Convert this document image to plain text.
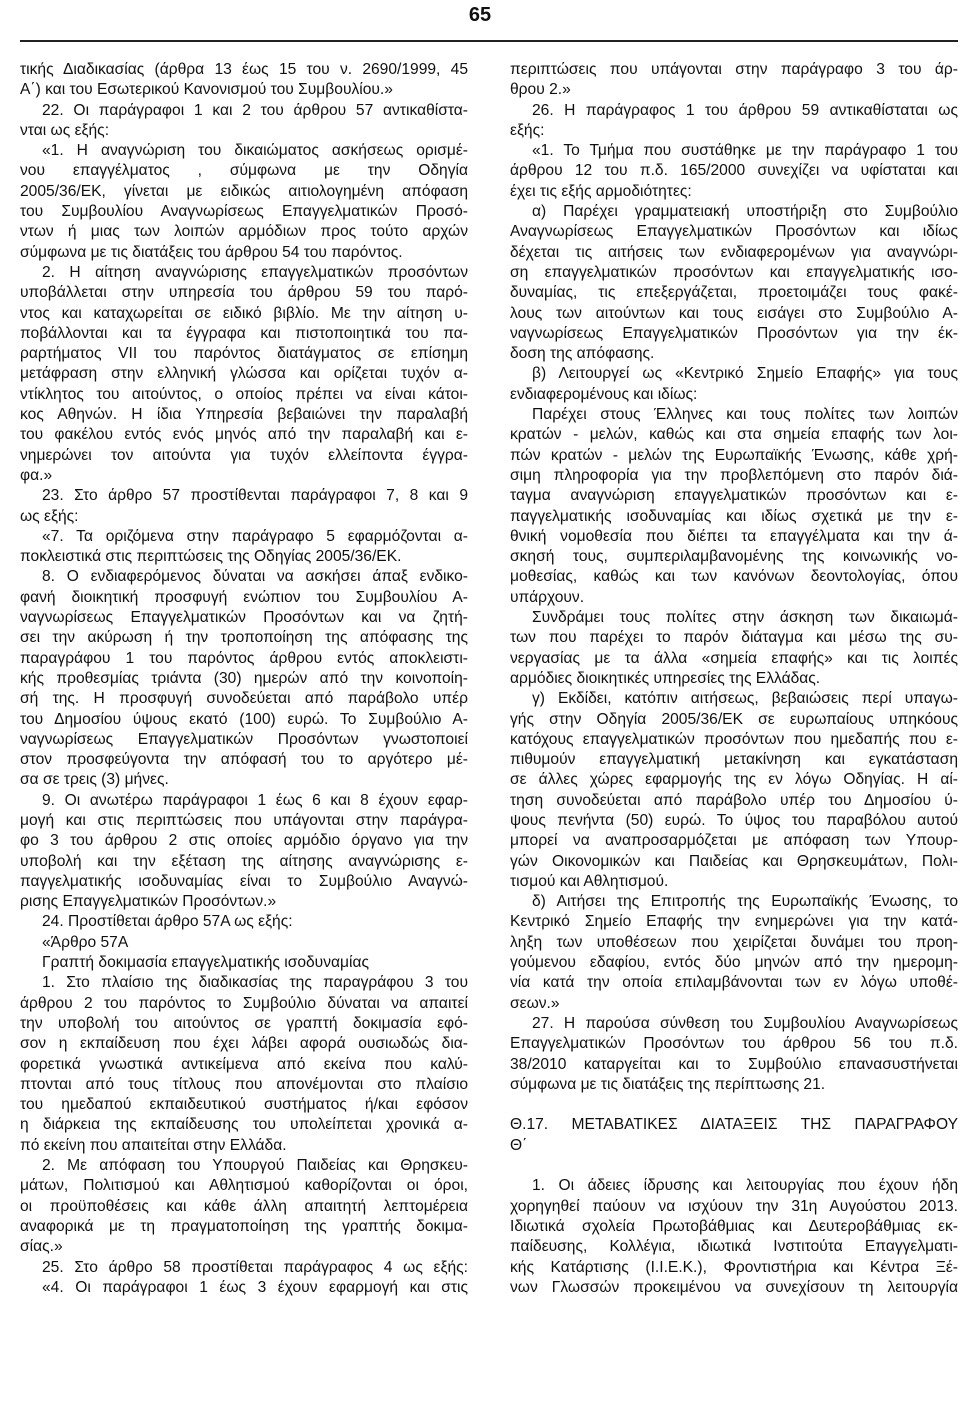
65
τικής Διαδικασίας (άρθρα 13 έως 15 του ν. 2690/1999, 45
Α΄) και του Εσωτερικού Κανονισμού του Συμβουλίου.»
22. Οι παράγραφοι 1 και 2 του άρθρου 57 αντικαθίστα-
νται ως εξής:
«1. Η αναγνώριση του δικαιώματος ασκήσεως ορισμέ-
νου επαγγέλματος , σύμφωνα με την Οδηγία
2005/36/ΕΚ, γίνεται με ειδικώς αιτιολογημένη απόφαση
του Συμβουλίου Αναγνωρίσεως Επαγγελματικών Προσό-
ντων ή μιας των λοιπών αρμόδιων προς τούτο αρχών
σύμφωνα με τις διατάξεις του άρθρου 54 του παρόντος.
2. Η αίτηση αναγνώρισης επαγγελματικών προσόντων
υποβάλλεται στην υπηρεσία του άρθρου 59 του παρό-
ντος και καταχωρείται σε ειδικό βιβλίο. Με την αίτηση υ-
ποβάλλονται και τα έγγραφα και πιστοποιητικά του πα-
ραρτήματος VII του παρόντος διατάγματος σε επίσημη
μετάφραση στην ελληνική γλώσσα και ορίζεται τυχόν α-
ντίκλητος του αιτούντος, ο οποίος πρέπει να είναι κάτοι-
κος Αθηνών. Η ίδια Υπηρεσία βεβαιώνει την παραλαβή
του φακέλου εντός ενός μηνός από την παραλαβή και ε-
νημερώνει τον αιτούντα για τυχόν ελλείποντα έγγρα-
φα.»
23. Στο άρθρο 57 προστίθενται παράγραφοι 7, 8 και 9
ως εξής:
«7. Τα οριζόμενα στην παράγραφο 5 εφαρμόζονται α-
ποκλειστικά στις περιπτώσεις της Οδηγίας 2005/36/ΕΚ.
8. Ο ενδιαφερόμενος δύναται να ασκήσει άπαξ ενδικο-
φανή διοικητική προσφυγή ενώπιον του Συμβουλίου Α-
ναγνωρίσεως Επαγγελματικών Προσόντων και να ζητή-
σει την ακύρωση ή την τροποποίηση της απόφασης της
παραγράφου 1 του παρόντος άρθρου εντός αποκλειστι-
κής προθεσμίας τριάντα (30) ημερών από την κοινοποίη-
σή της. Η προσφυγή συνοδεύεται από παράβολο υπέρ
του Δημοσίου ύψους εκατό (100) ευρώ. Το Συμβούλιο Α-
ναγνωρίσεως Επαγγελματικών Προσόντων γνωστοποιεί
στον προσφεύγοντα την απόφασή του το αργότερο μέ-
σα σε τρεις (3) μήνες.
9. Οι ανωτέρω παράγραφοι 1 έως 6 και 8 έχουν εφαρ-
μογή και στις περιπτώσεις που υπάγονται στην παράγρα-
φο 3 του άρθρου 2 στις οποίες αρμόδιο όργανο για την
υποβολή και την εξέταση της αίτησης αναγνώρισης ε-
παγγελματικής ισοδυναμίας είναι το Συμβούλιο Αναγνώ-
ρισης Επαγγελματικών Προσόντων.»
24. Προστίθεται άρθρο 57Α ως εξής:
«Άρθρο 57Α
Γραπτή δοκιμασία επαγγελματικής ισοδυναμίας
1. Στο πλαίσιο της διαδικασίας της παραγράφου 3 του
άρθρου 2 του παρόντος το Συμβούλιο δύναται να απαιτεί
την υποβολή του αιτούντος σε γραπτή δοκιμασία εφό-
σον η εκπαίδευση που έχει λάβει αφορά ουσιωδώς δια-
φορετικά γνωστικά αντικείμενα από εκείνα που καλύ-
πτονται από τους τίτλους που απονέμονται στο πλαίσιο
του ημεδαπού εκπαιδευτικού συστήματος ή/και εφόσον
η διάρκεια της εκπαίδευσης του υπολείπεται χρονικά α-
πό εκείνη που απαιτείται στην Ελλάδα.
2. Με απόφαση του Υπουργού Παιδείας και Θρησκευ-
μάτων, Πολιτισμού και Αθλητισμού καθορίζονται οι όροι,
οι προϋποθέσεις και κάθε άλλη απαιτητή λεπτομέρεια
αναφορικά με τη πραγματοποίηση της γραπτής δοκιμα-
σίας.»
25. Στο άρθρο 58 προστίθεται παράγραφος 4 ως εξής:
«4. Οι παράγραφοι 1 έως 3 έχουν εφαρμογή και στις
περιπτώσεις που υπάγονται στην παράγραφο 3 του άρ-
θρου 2.»
26. Η παράγραφος 1 του άρθρου 59 αντικαθίσταται ως
εξής:
«1. Το Τμήμα που συστάθηκε με την παράγραφο 1 του
άρθρου 12 του π.δ. 165/2000 συνεχίζει να υφίσταται και
έχει τις εξής αρμοδιότητες:
α) Παρέχει γραμματειακή υποστήριξη στο Συμβούλιο
Αναγνωρίσεως Επαγγελματικών Προσόντων και ιδίως
δέχεται τις αιτήσεις των ενδιαφερομένων για αναγνώρι-
ση επαγγελματικών προσόντων και επαγγελματικής ισο-
δυναμίας, τις επεξεργάζεται, προετοιμάζει τους φακέ-
λους των αιτούντων και τους εισάγει στο Συμβούλιο Α-
ναγνωρίσεως Επαγγελματικών Προσόντων για την έκ-
δοση της απόφασης.
β) Λειτουργεί ως «Κεντρικό Σημείο Επαφής» για τους
ενδιαφερομένους και ιδίως:
Παρέχει στους Έλληνες και τους πολίτες των λοιπών
κρατών - μελών, καθώς και στα σημεία επαφής των λοι-
πών κρατών - μελών της Ευρωπαϊκής Ένωσης, κάθε χρή-
σιμη πληροφορία για την προβλεπόμενη στο παρόν διά-
ταγμα αναγνώριση επαγγελματικών προσόντων και ε-
παγγελματικής ισοδυναμίας και ιδίως σχετικά με την ε-
θνική νομοθεσία που διέπει τα επαγγέλματα και την ά-
σκησή τους, συμπεριλαμβανομένης της κοινωνικής νο-
μοθεσίας, καθώς και των κανόνων δεοντολογίας, όπου
υπάρχουν.
Συνδράμει τους πολίτες στην άσκηση των δικαιωμά-
των που παρέχει το παρόν διάταγμα και μέσω της συ-
νεργασίας με τα άλλα «σημεία επαφής» και τις λοιπές
αρμόδιες διοικητικές υπηρεσίες της Ελλάδας.
γ) Εκδίδει, κατόπιν αιτήσεως, βεβαιώσεις περί υπαγω-
γής στην Οδηγία 2005/36/ΕΚ σε ευρωπαίους υπηκόους
κατόχους επαγγελματικών προσόντων που ημεδαπής που ε-
πιθυμούν επαγγελματική μετακίνηση και εγκατάσταση
σε άλλες χώρες εφαρμογής της εν λόγω Οδηγίας. Η αί-
τηση συνοδεύεται από παράβολο υπέρ του Δημοσίου ύ-
ψους πενήντα (50) ευρώ. Το ύψος του παραβόλου αυτού
μπορεί να αναπροσαρμόζεται με απόφαση των Υπουρ-
γών Οικονομικών και Παιδείας και Θρησκευμάτων, Πολι-
τισμού και Αθλητισμού.
δ) Αιτήσει της Επιτροπής της Ευρωπαϊκής Ένωσης, το
Κεντρικό Σημείο Επαφής την ενημερώνει για την κατά-
ληξη των υποθέσεων που χειρίζεται δυνάμει του προη-
γούμενου εδαφίου, εντός δύο μηνών από την ημερομη-
νία κατά την οποία επιλαμβάνονται των εν λόγω υποθέ-
σεων.»
27. Η παρούσα σύνθεση του Συμβουλίου Αναγνωρίσεως
Επαγγελματικών Προσόντων του άρθρου 56 του π.δ.
38/2010 καταργείται και το Συμβούλιο επανασυστήνεται
σύμφωνα με τις διατάξεις της περίπτωσης 21.
Θ.17. ΜΕΤΑΒΑΤΙΚΕΣ ΔΙΑΤΑΞΕΙΣ ΤΗΣ ΠΑΡΑΓΡΑΦΟΥ
Θ΄
1. Οι άδειες ίδρυσης και λειτουργίας που έχουν ήδη
χορηγηθεί παύουν να ισχύουν την 31η Αυγούστου 2013.
Ιδιωτικά σχολεία Πρωτοβάθμιας και Δευτεροβάθμιας εκ-
παίδευσης, Κολλέγια, ιδιωτικά Ινστιτούτα Επαγγελματι-
κής Κατάρτισης (Ι.Ι.Ε.Κ.), Φροντιστήρια και Κέντρα Ξέ-
νων Γλωσσών προκειμένου να συνεχίσουν τη λειτουργία
